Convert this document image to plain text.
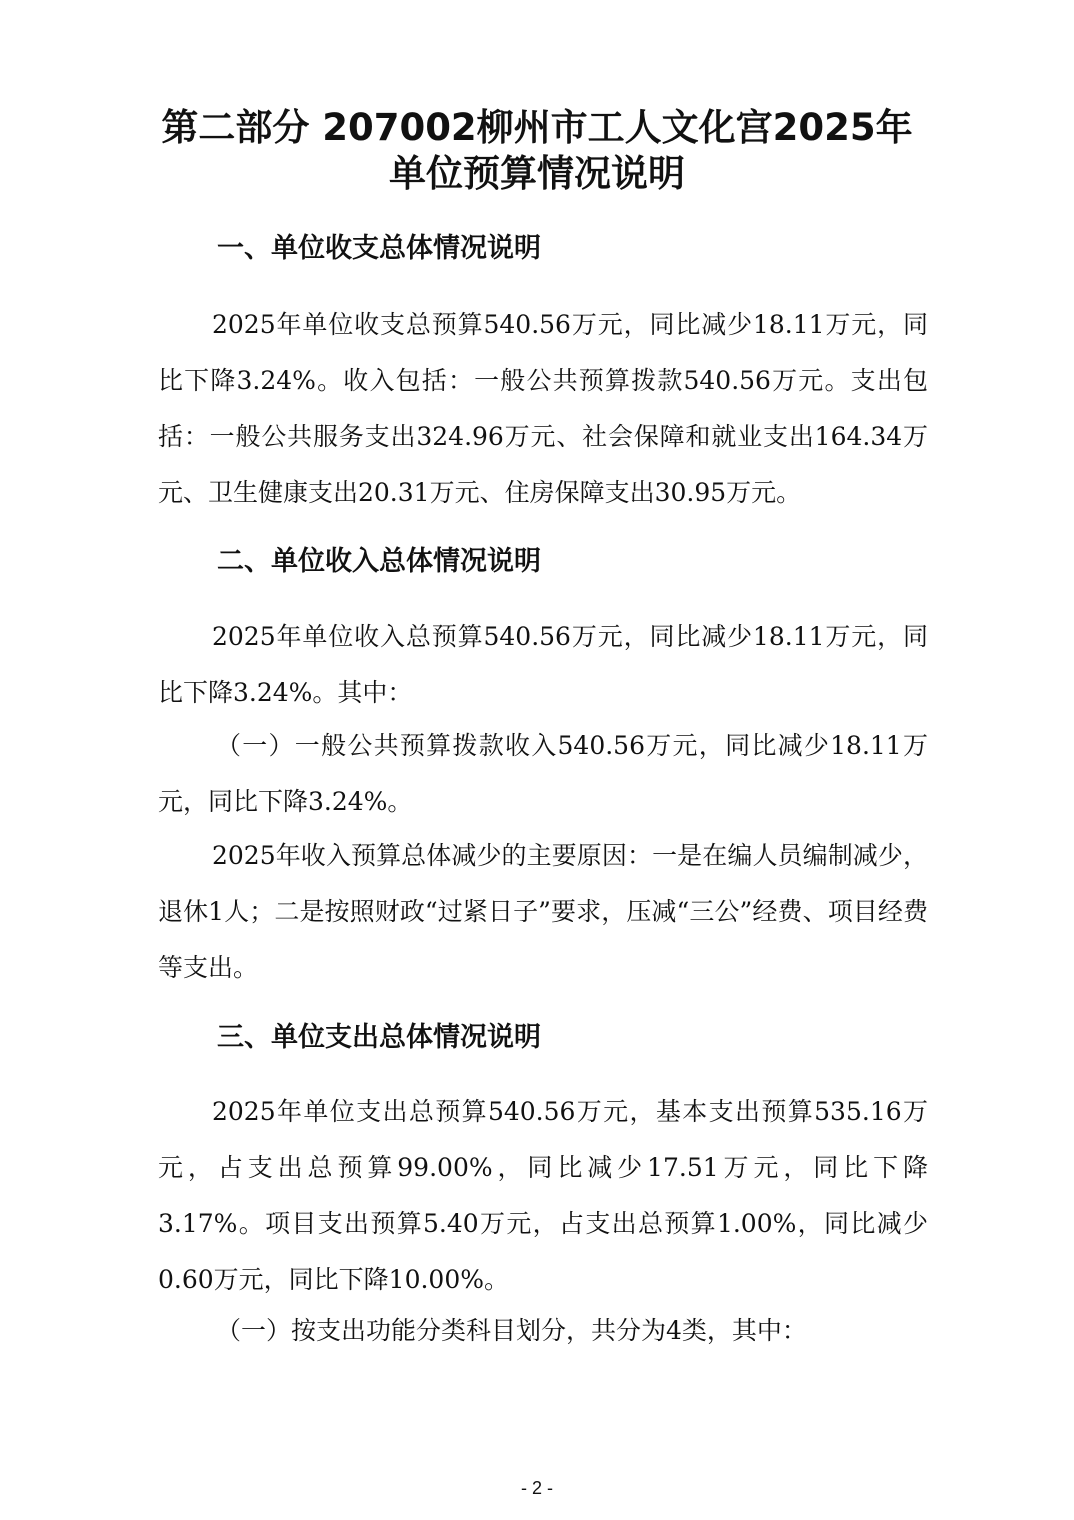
第二部分 207002柳州市工人文化宫2025年
单位预算情况说明
一、单位收支总体情况说明

2025年单位收支总预算540.56万元，同比减少18.11万元，同比下降3.24%。收入包括：一般公共预算拨款540.56万元。支出包括：一般公共服务支出324.96万元、社会保障和就业支出164.34万元、卫生健康支出20.31万元、住房保障支出30.95万元。

二、单位收入总体情况说明

2025年单位收入总预算540.56万元，同比减少18.11万元，同比下降3.24%。其中：

（一）一般公共预算拨款收入540.56万元，同比减少18.11万元，同比下降3.24%。

2025年收入预算总体减少的主要原因：一是在编人员编制减少，退休1人；二是按照财政“过紧日子”要求，压减“三公”经费、项目经费等支出。

三、单位支出总体情况说明

2025年单位支出总预算540.56万元，基本支出预算535.16万元，占支出总预算99.00%，同比减少17.51万元，同比下降3.17%。项目支出预算5.40万元，占支出总预算1.00%，同比减少0.60万元，同比下降10.00%。

（一）按支出功能分类科目划分，共分为4类，其中：

- 2 -
